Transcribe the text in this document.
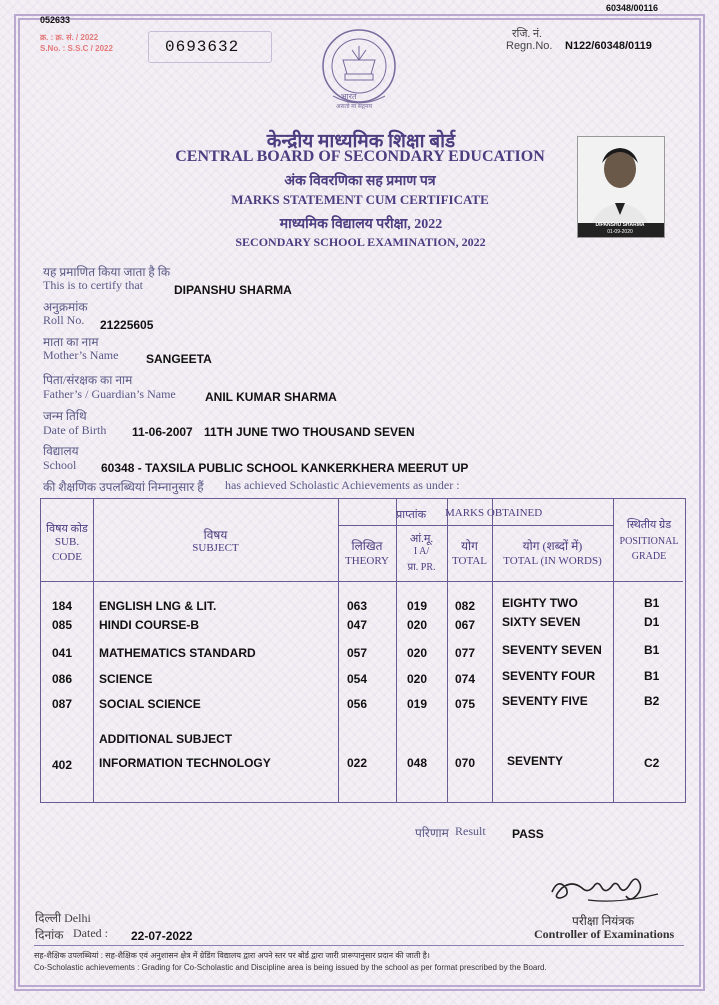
052633
60348/00116
क्र. : क्र. सं. / 2022
S.No. : S.S.C / 2022	0693632
रजि. नं.
Regn.No. N122/60348/0119
भारत
असतो मा सद्गमय
केन्द्रीय माध्यमिक शिक्षा बोर्ड
CENTRAL BOARD OF SECONDARY EDUCATION
अंक विवरणिका सह प्रमाण पत्र
MARKS STATEMENT CUM CERTIFICATE
माध्यमिक विद्यालय परीक्षा, 2022
SECONDARY SCHOOL EXAMINATION, 2022
DIPANSHU SHARMA
01-09-2020
यह प्रमाणित किया जाता है कि
This is to certify that	DIPANSHU SHARMA
अनुक्रमांक
Roll No. 21225605
माता का नाम
Mother’s Name SANGEETA
पिता/संरक्षक का नाम
Father’s / Guardian’s Name ANIL KUMAR SHARMA
जन्म तिथि
Date of Birth 11-06-2007 11TH JUNE TWO THOUSAND SEVEN
विद्यालय
School 60348 - TAXSILA PUBLIC SCHOOL KANKERKHERA MEERUT UP
की शैक्षणिक उपलब्धियां निम्नानुसार हैं has achieved Scholastic Achievements as under :
विषय कोड
SUB.
CODE
विषय
SUBJECT
प्राप्तांक MARKS OBTAINED
लिखित
THEORY
आं.मू.
I A/
प्रा. PR.
योग
TOTAL
योग (शब्दों में)
TOTAL (IN WORDS)
स्थितीय ग्रेड
POSITIONAL
GRADE
184 ENGLISH LNG & LIT.	063	019 082 EIGHTY TWO	B1
085 HINDI COURSE-B	047	020 067 SIXTY SEVEN	D1
041 MATHEMATICS STANDARD	057	020 077 SEVENTY SEVEN	B1
086 SCIENCE	054	020 074 SEVENTY FOUR	B1
087 SOCIAL SCIENCE	056	019 075 SEVENTY FIVE	B2
ADDITIONAL SUBJECT
402 INFORMATION TECHNOLOGY	022	048 070	SEVENTY	C2
परिणाम Result PASS
परीक्षा नियंत्रक
Controller of Examinations
दिल्ली Delhi
दिनांक Dated : 22-07-2022
सह-शैक्षिक उपलब्धियां : सह-शैक्षिक एवं अनुशासन क्षेत्र में ग्रेडिंग विद्यालय द्वारा अपने स्तर पर बोर्ड द्वारा जारी प्रारूपानुसार प्रदान की जाती है।
Co-Scholastic achievements : Grading for Co-Scholastic and Discipline area is being issued by the school as per format prescribed by the Board.
